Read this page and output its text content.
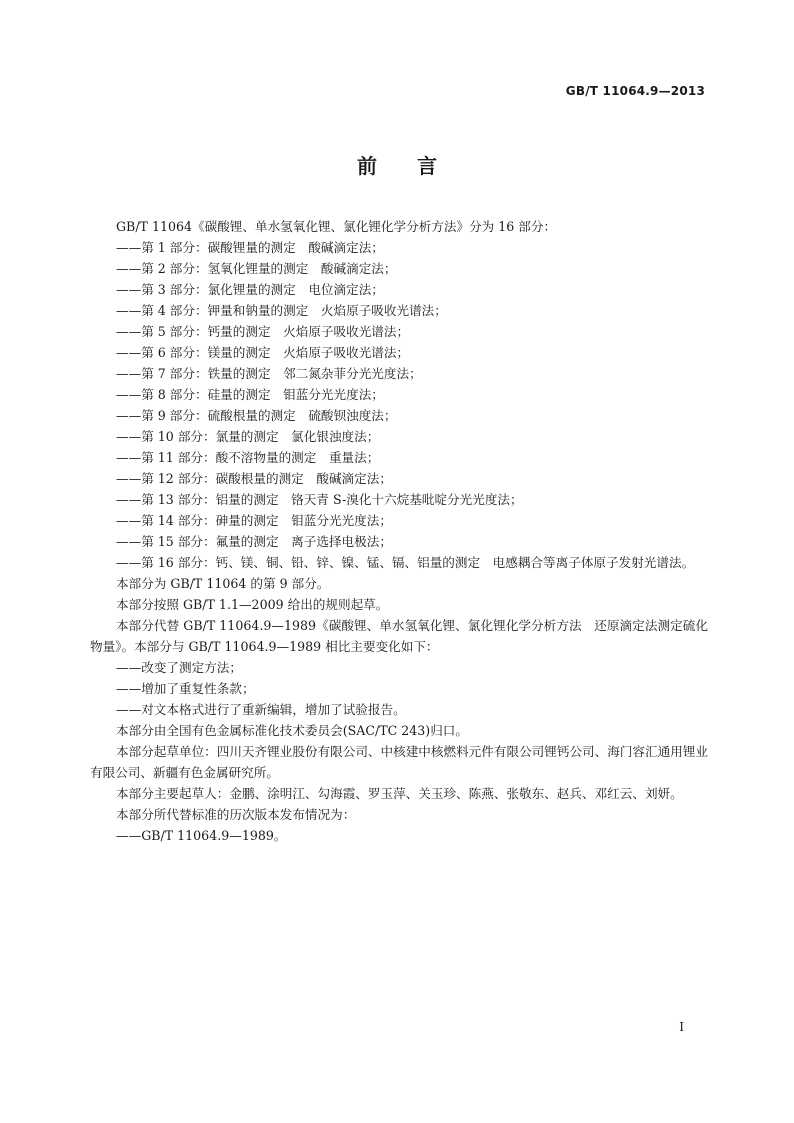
GB/T 11064.9—2013
前言

GB/T 11064《碳酸锂、单水氢氧化锂、氯化锂化学分析方法》分为 16 部分：

——第 1 部分：碳酸锂量的测定　酸碱滴定法；

——第 2 部分：氢氧化锂量的测定　酸碱滴定法；

——第 3 部分：氯化锂量的测定　电位滴定法；

——第 4 部分：钾量和钠量的测定　火焰原子吸收光谱法；

——第 5 部分：钙量的测定　火焰原子吸收光谱法；

——第 6 部分：镁量的测定　火焰原子吸收光谱法；

——第 7 部分：铁量的测定　邻二氮杂菲分光光度法；

——第 8 部分：硅量的测定　钼蓝分光光度法；

——第 9 部分：硫酸根量的测定　硫酸钡浊度法；

——第 10 部分：氯量的测定　氯化银浊度法；

——第 11 部分：酸不溶物量的测定　重量法；

——第 12 部分：碳酸根量的测定　酸碱滴定法；

——第 13 部分：铝量的测定　铬天青 S-溴化十六烷基吡啶分光光度法；

——第 14 部分：砷量的测定　钼蓝分光光度法；

——第 15 部分：氟量的测定　离子选择电极法；

——第 16 部分：钙、镁、铜、铅、锌、镍、锰、镉、铝量的测定　电感耦合等离子体原子发射光谱法。

本部分为 GB/T 11064 的第 9 部分。

本部分按照 GB/T 1.1—2009 给出的规则起草。

本部分代替 GB/T 11064.9—1989《碳酸锂、单水氢氧化锂、氯化锂化学分析方法　还原滴定法测定硫化物量》。本部分与 GB/T 11064.9—1989 相比主要变化如下：

——改变了测定方法；

——增加了重复性条款；

——对文本格式进行了重新编辑，增加了试验报告。

本部分由全国有色金属标准化技术委员会(SAC/TC 243)归口。

本部分起草单位：四川天齐锂业股份有限公司、中核建中核燃料元件有限公司锂钙公司、海门容汇通用锂业有限公司、新疆有色金属研究所。

本部分主要起草人：金鹏、涂明江、勾海霞、罗玉萍、关玉珍、陈燕、张敬东、赵兵、邓红云、刘妍。

本部分所代替标准的历次版本发布情况为：

——GB/T 11064.9—1989。

I
